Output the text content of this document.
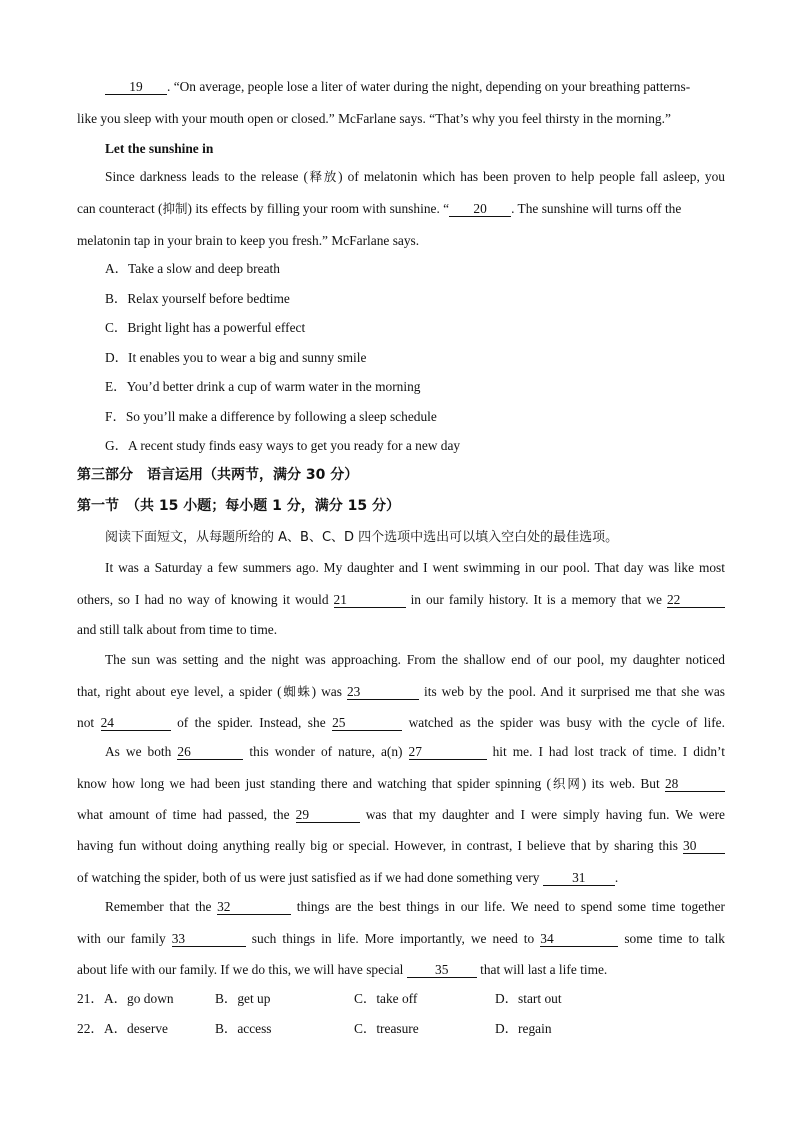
19 . “On average, people lose a liter of water during the night, depending on your breathing patterns-
like you sleep with your mouth open or closed.” McFarlane says. “That’s why you feel thirsty in the morning.”
Let the sunshine in
Since darkness leads to the release (释放) of melatonin which has been proven to help people fall asleep, you
can counteract (抑制) its effects by filling your room with sunshine. “ 20 . The sunshine will turns off the
melatonin tap in your brain to keep you fresh.” McFarlane says.
A．Take a slow and deep breath
B．Relax yourself before bedtime
C．Bright light has a powerful effect
D．It enables you to wear a big and sunny smile
E．You’d better drink a cup of warm water in the morning
F．So you’ll make a difference by following a sleep schedule
G．A recent study finds easy ways to get you ready for a new day
第三部分　语言运用（共两节，满分 30 分）
第一节　（共 15 小题；每小题 1 分，满分 15 分）
阅读下面短文，从每题所给的 A、B、C、D 四个选项中选出可以填入空白处的最佳选项。
It was a Saturday a few summers ago. My daughter and I went swimming in our pool. That day was like most
others, so I had no way of knowing it would 21	in our family history. It is a memory that we 22
and still talk about from time to time.
The sun was setting and the night was approaching. From the shallow end of our pool, my daughter noticed
that, right about eye level, a spider (蜘蛛) was 23	its web by the pool. And it surprised me that she was
not 24	of the spider. Instead, she 25	watched as the spider was busy with the cycle of life.
As we both 26	this wonder of nature, a(n) 27	hit me. I had lost track of time. I didn’t
know how long we had been just standing there and watching that spider spinning (织网) its web. But 28
what amount of time had passed, the 29	was that my daughter and I were simply having fun. We were
having fun without doing anything really big or special. However, in contrast, I believe that by sharing this 30
of watching the spider, both of us were just satisfied as if we had done something very 31 .
Remember that the 32	things are the best things in our life. We need to spend some time together
with our family 33	such things in life. More importantly, we need to 34	some time to talk
about life with our family. If we do this, we will have special 35 that will last a life time.
21． A．go down	B．get up	C．take off	D．start out
22． A．deserve	B．access	C．treasure	D．regain
